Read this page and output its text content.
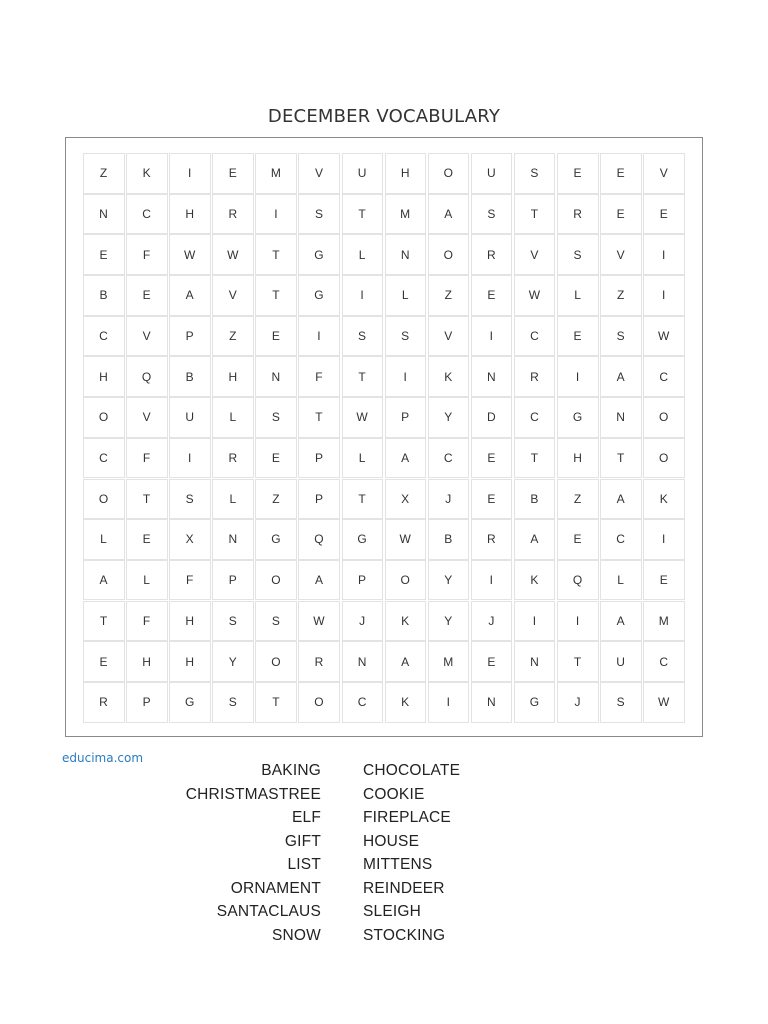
DECEMBER VOCABULARY
Z	K	I	E	M	V	U	H	O	U	S	E	E	V
N	C	H	R	I	S	T	M	A	S	T	R	E	E
E	F	W	W	T	G	L	N	O	R	V	S	V	I
B	E	A	V	T	G	I	L	Z	E	W	L	Z	I
C	V	P	Z	E	I	S	S	V	I	C	E	S	W
H	Q	B	H	N	F	T	I	K	N	R	I	A	C
O	V	U	L	S	T	W	P	Y	D	C	G	N	O
C	F	I	R	E	P	L	A	C	E	T	H	T	O
O	T	S	L	Z	P	T	X	J	E	B	Z	A	K
L	E	X	N	G	Q	G	W	B	R	A	E	C	I
A	L	F	P	O	A	P	O	Y	I	K	Q	L	E
T	F	H	S	S	W	J	K	Y	J	I	I	A	M
E	H	H	Y	O	R	N	A	M	E	N	T	U	C
R	P	G	S	T	O	C	K	I	N	G	J	S	W
educima.com
BAKING
CHRISTMASTREE
ELF
GIFT
LIST
ORNAMENT
SANTACLAUS
SNOW
CHOCOLATE
COOKIE
FIREPLACE
HOUSE
MITTENS
REINDEER
SLEIGH
STOCKING
